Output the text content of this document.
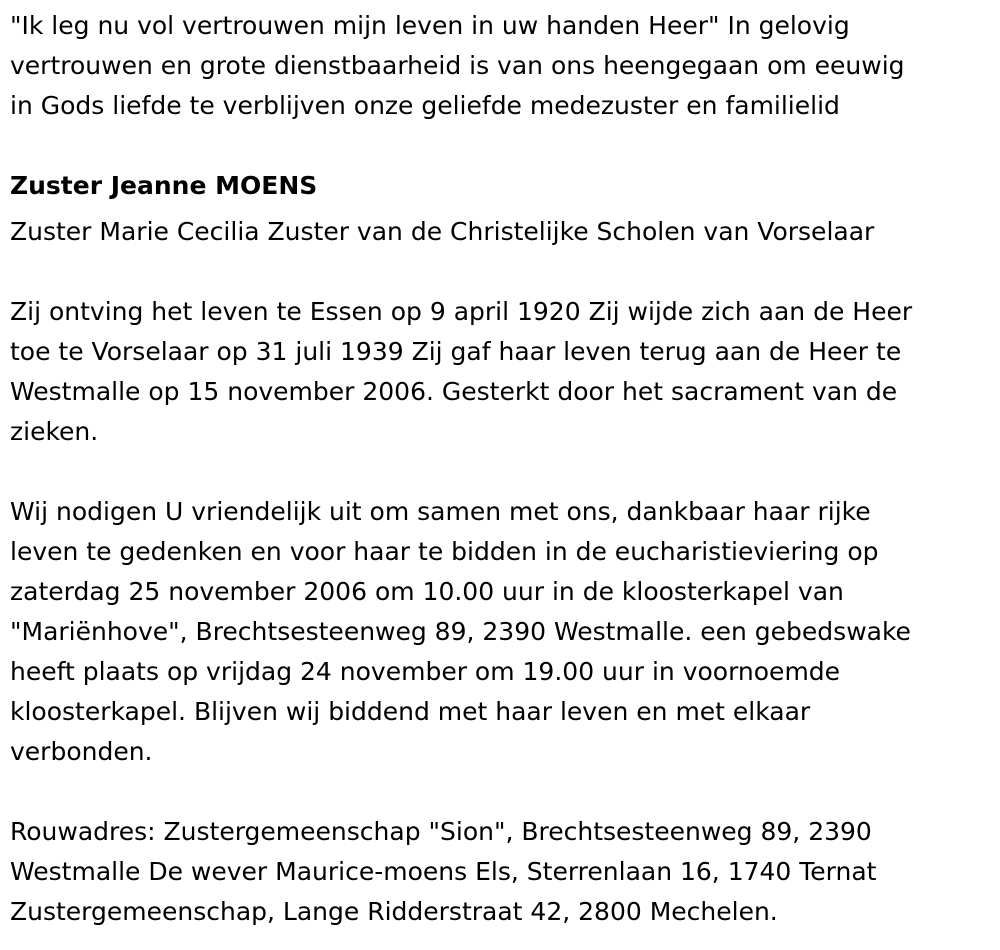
"Ik leg nu vol vertrouwen mijn leven in uw handen Heer" In gelovig
vertrouwen en grote dienstbaarheid is van ons heengegaan om eeuwig
in Gods liefde te verblijven onze geliefde medezuster en familielid

Zuster Jeanne MOENS

Zuster Marie Cecilia Zuster van de Christelijke Scholen van Vorselaar

Zij ontving het leven te Essen op 9 april 1920 Zij wijde zich aan de Heer
toe te Vorselaar op 31 juli 1939 Zij gaf haar leven terug aan de Heer te
Westmalle op 15 november 2006. Gesterkt door het sacrament van de
zieken.

Wij nodigen U vriendelijk uit om samen met ons, dankbaar haar rijke
leven te gedenken en voor haar te bidden in de eucharistieviering op
zaterdag 25 november 2006 om 10.00 uur in de kloosterkapel van
"Mariënhove", Brechtsesteenweg 89, 2390 Westmalle. een gebedswake
heeft plaats op vrijdag 24 november om 19.00 uur in voornoemde
kloosterkapel. Blijven wij biddend met haar leven en met elkaar
verbonden.

Rouwadres: Zustergemeenschap "Sion", Brechtsesteenweg 89, 2390
Westmalle De wever Maurice-moens Els, Sterrenlaan 16, 1740 Ternat
Zustergemeenschap, Lange Ridderstraat 42, 2800 Mechelen.
